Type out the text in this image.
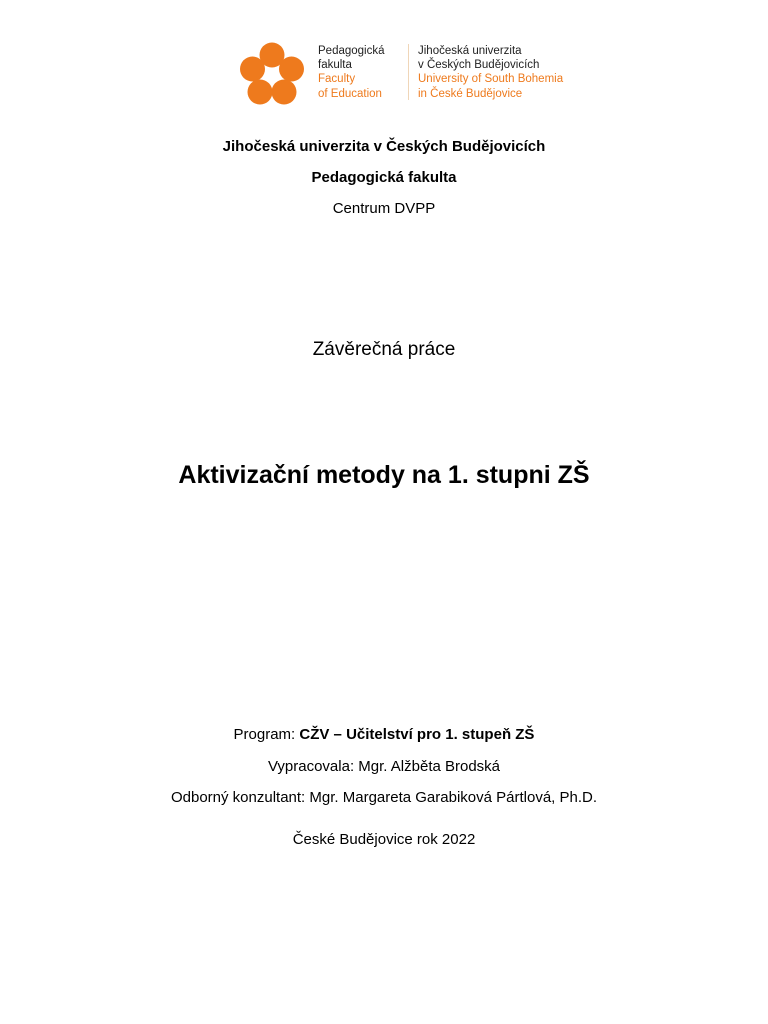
Pedagogická
fakulta
Faculty
of Education
Jihočeská univerzita
v Českých Budějovicích
University of South Bohemia
in České Budějovice
Jihočeská univerzita v Českých Budějovicích
Pedagogická fakulta
Centrum DVPP
Závěrečná práce
Aktivizační metody na 1. stupni ZŠ
Program: CŽV – Učitelství pro 1. stupeň ZŠ
Vypracovala: Mgr. Alžběta Brodská
Odborný konzultant: Mgr. Margareta Garabiková Pártlová, Ph.D.
České Budějovice rok 2022
